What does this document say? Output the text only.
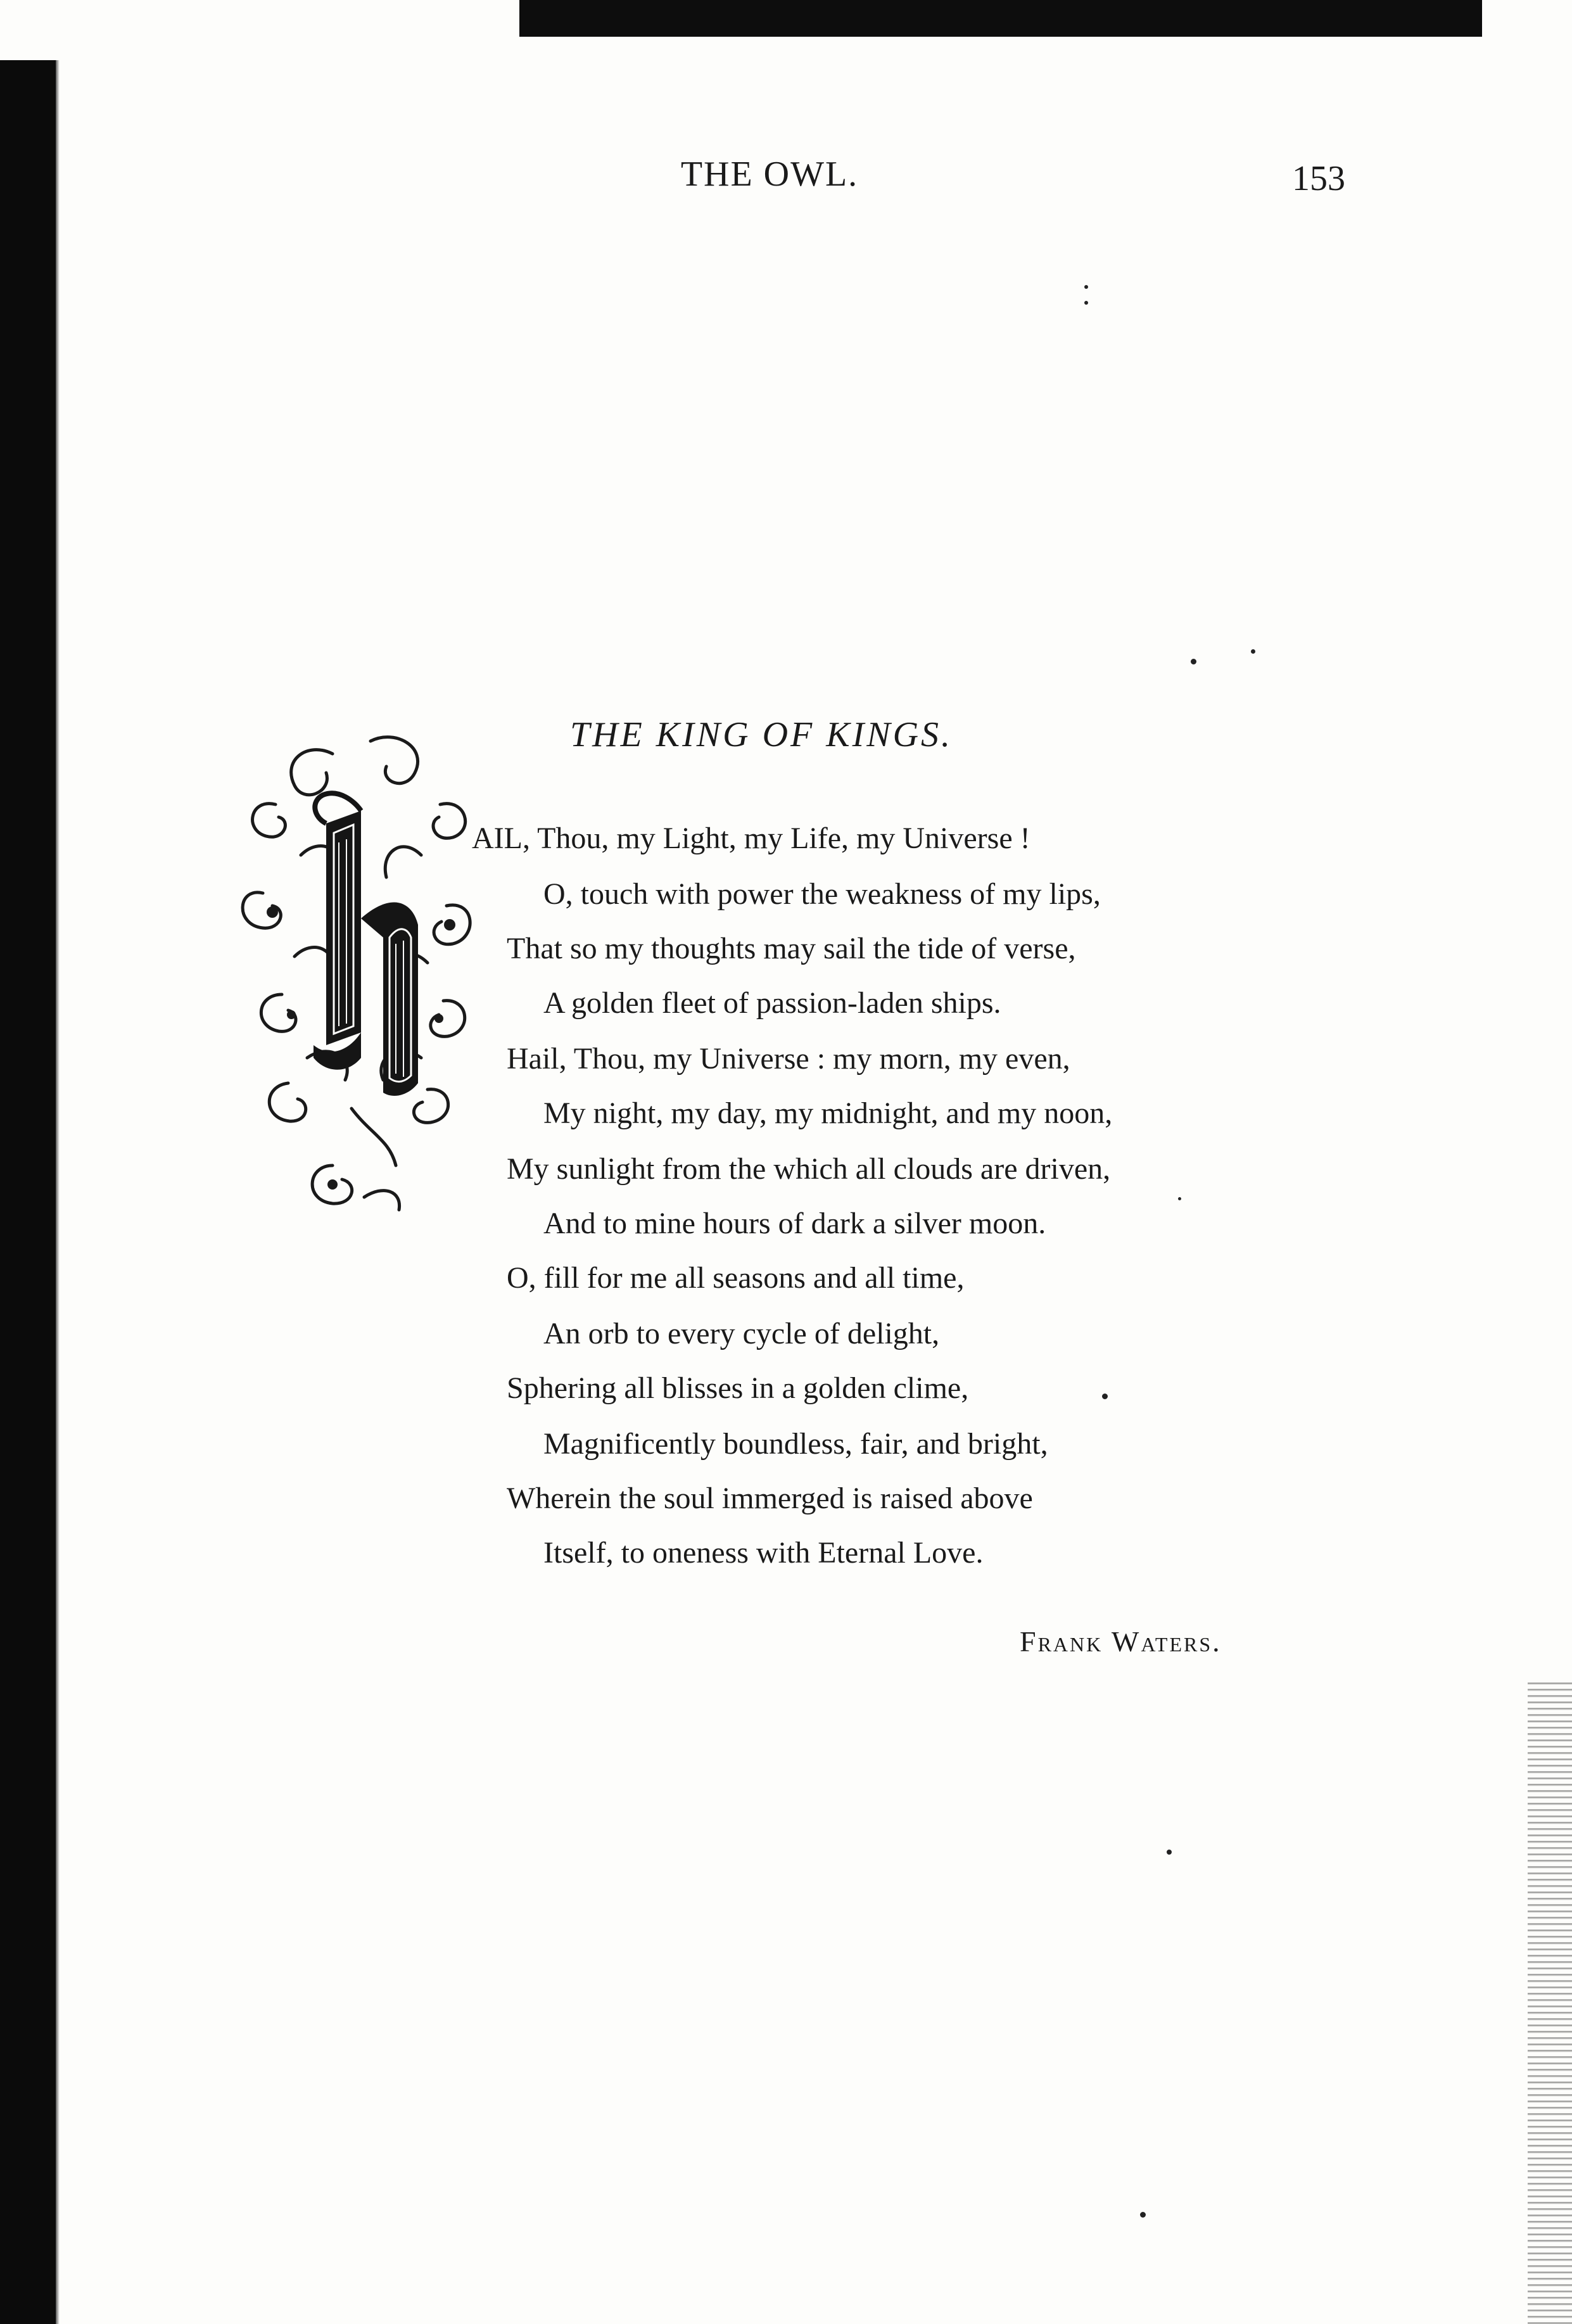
THE OWL.	153
THE KING OF KINGS.
AIL, Thou, my Light, my Life, my Universe !
O, touch with power the weakness of my lips,
That so my thoughts may sail the tide of verse,
A golden fleet of passion-laden ships.
Hail, Thou, my Universe : my morn, my even,
My night, my day, my midnight, and my noon,
My sunlight from the which all clouds are driven,
And to mine hours of dark a silver moon.
O, fill for me all seasons and all time,
An orb to every cycle of delight,
Sphering all blisses in a golden clime,
Magnificently boundless, fair, and bright,
Wherein the soul immerged is raised above
Itself, to oneness with Eternal Love.
Frank Waters.
